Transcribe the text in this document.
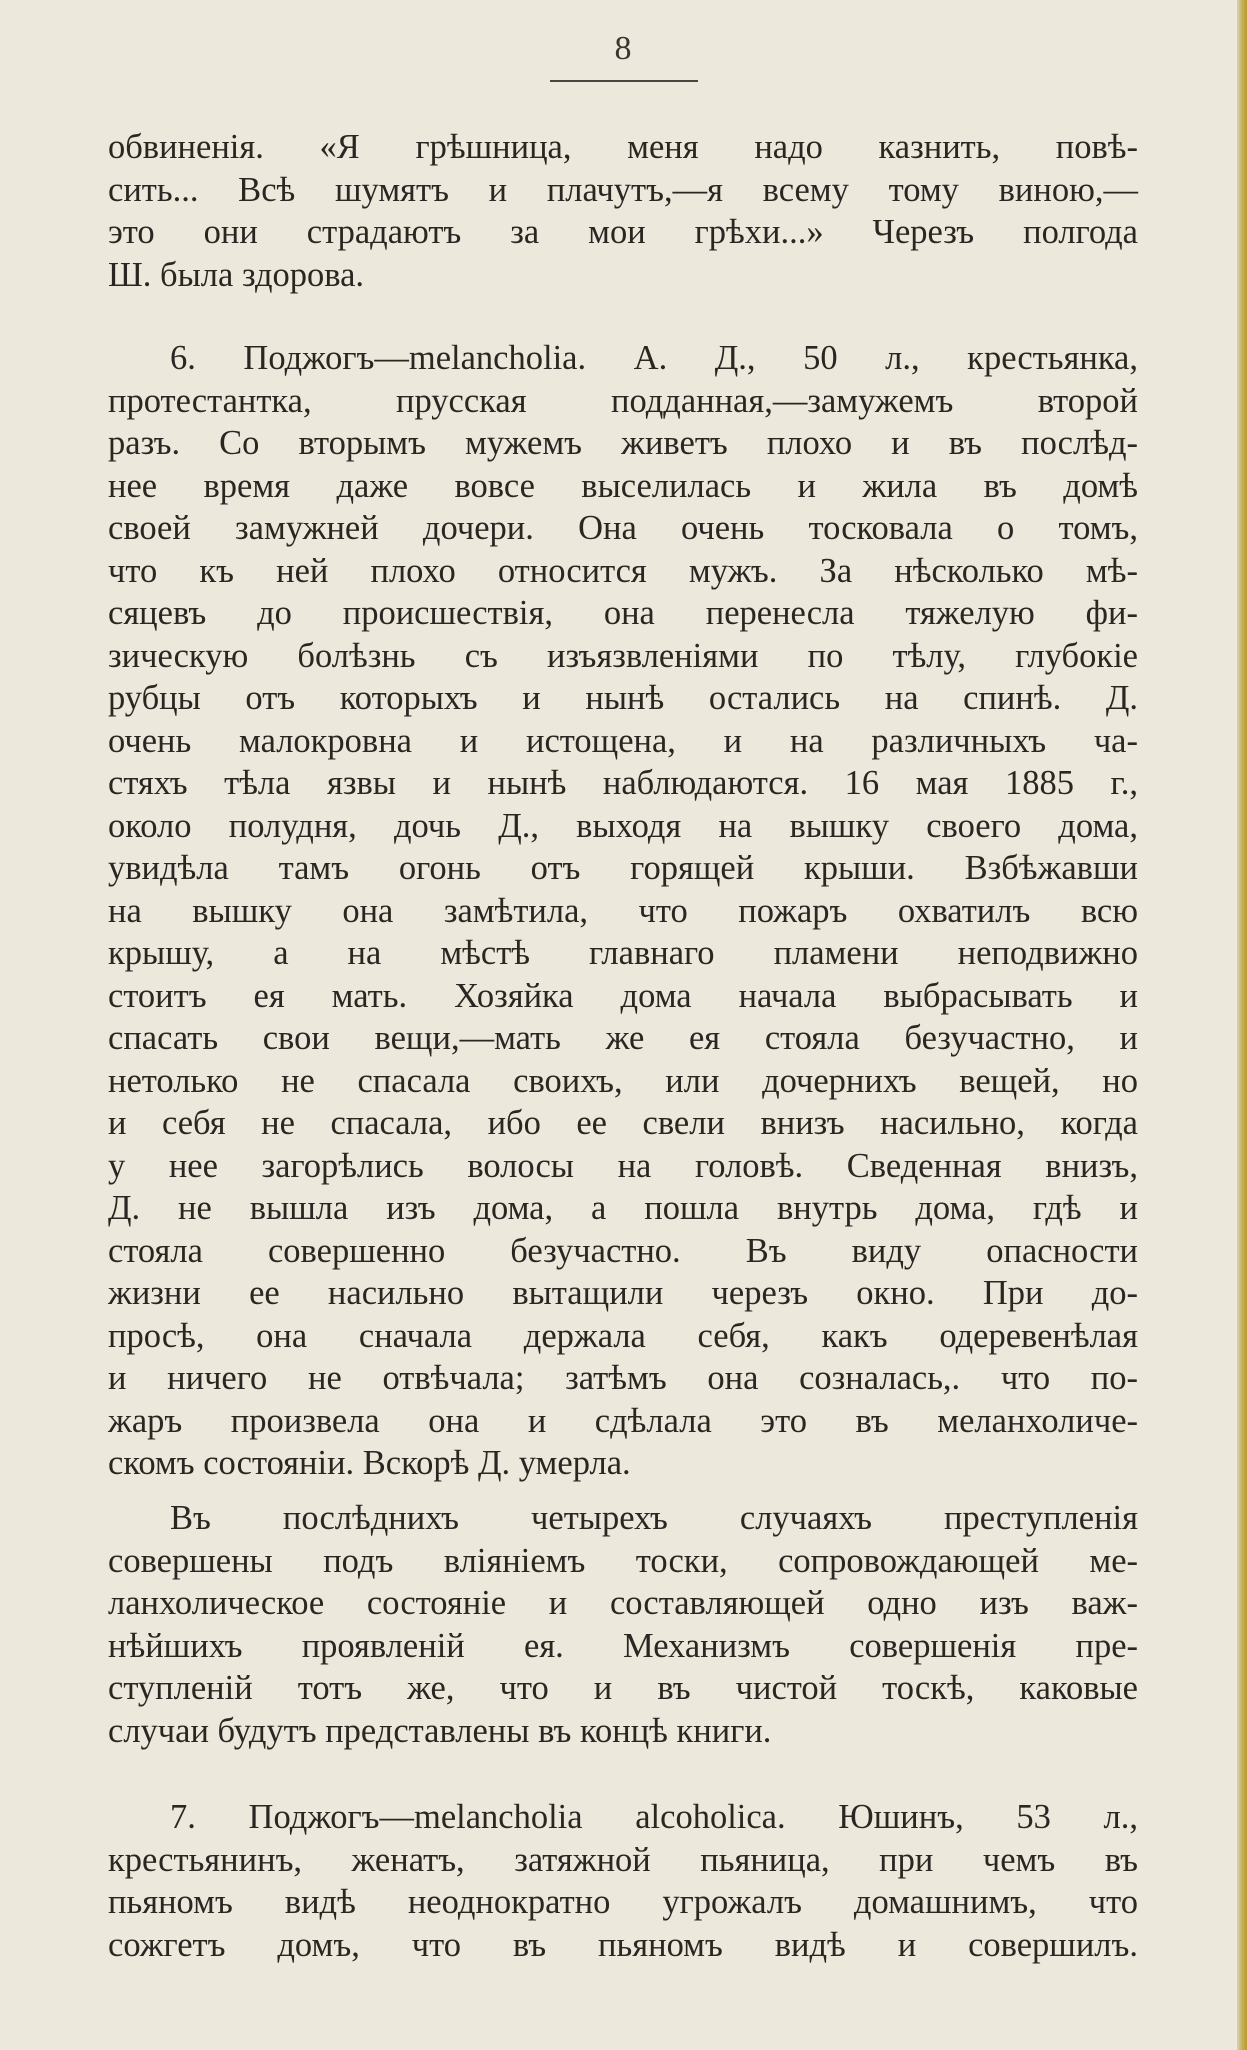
8
обвиненія. «Я грѣшница, меня надо казнить, повѣ-
сить... Всѣ шумятъ и плачутъ,—я всему тому виною,—
это они страдаютъ за мои грѣхи...» Черезъ полгода
Ш. была здорова.
6. Поджогъ—melancholia. А. Д., 50 л., крестьянка,
протестантка, прусская подданная,—замужемъ второй
разъ. Со вторымъ мужемъ живетъ плохо и въ послѣд-
нее время даже вовсе выселилась и жила въ домѣ
своей замужней дочери. Она очень тосковала о томъ,
что къ ней плохо относится мужъ. За нѣсколько мѣ-
сяцевъ до происшествія, она перенесла тяжелую фи-
зическую болѣзнь съ изъязвленіями по тѣлу, глубокіе
рубцы отъ которыхъ и нынѣ остались на спинѣ. Д.
очень малокровна и истощена, и на различныхъ ча-
стяхъ тѣла язвы и нынѣ наблюдаются. 16 мая 1885 г.,
около полудня, дочь Д., выходя на вышку своего дома,
увидѣла тамъ огонь отъ горящей крыши. Взбѣжавши
на вышку она замѣтила, что пожаръ охватилъ всю
крышу, а на мѣстѣ главнаго пламени неподвижно
стоитъ ея мать. Хозяйка дома начала выбрасывать и
спасать свои вещи,—мать же ея стояла безучастно, и
нетолько не спасала своихъ, или дочернихъ вещей, но
и себя не спасала, ибо ее свели внизъ насильно, когда
у нее загорѣлись волосы на головѣ. Сведенная внизъ,
Д. не вышла изъ дома, а пошла внутрь дома, гдѣ и
стояла совершенно безучастно. Въ виду опасности
жизни ее насильно вытащили черезъ окно. При до-
просѣ, она сначала держала себя, какъ одеревенѣлая
и ничего не отвѣчала; затѣмъ она созналась,. что по-
жаръ произвела она и сдѣлала это въ меланхоличе-
скомъ состояніи. Вскорѣ Д. умерла.
Въ послѣднихъ четырехъ случаяхъ преступленія
совершены подъ вліяніемъ тоски, сопровождающей ме-
ланхолическое состояніе и составляющей одно изъ важ-
нѣйшихъ проявленій ея. Механизмъ совершенія пре-
ступленій тотъ же, что и въ чистой тоскѣ, каковые
случаи будутъ представлены въ концѣ книги.
7. Поджогъ—melancholia alcoholica. Юшинъ, 53 л.,
крестьянинъ, женатъ, затяжной пьяница, при чемъ въ
пьяномъ видѣ неоднократно угрожалъ домашнимъ, что
сожгетъ домъ, что въ пьяномъ видѣ и совершилъ.
